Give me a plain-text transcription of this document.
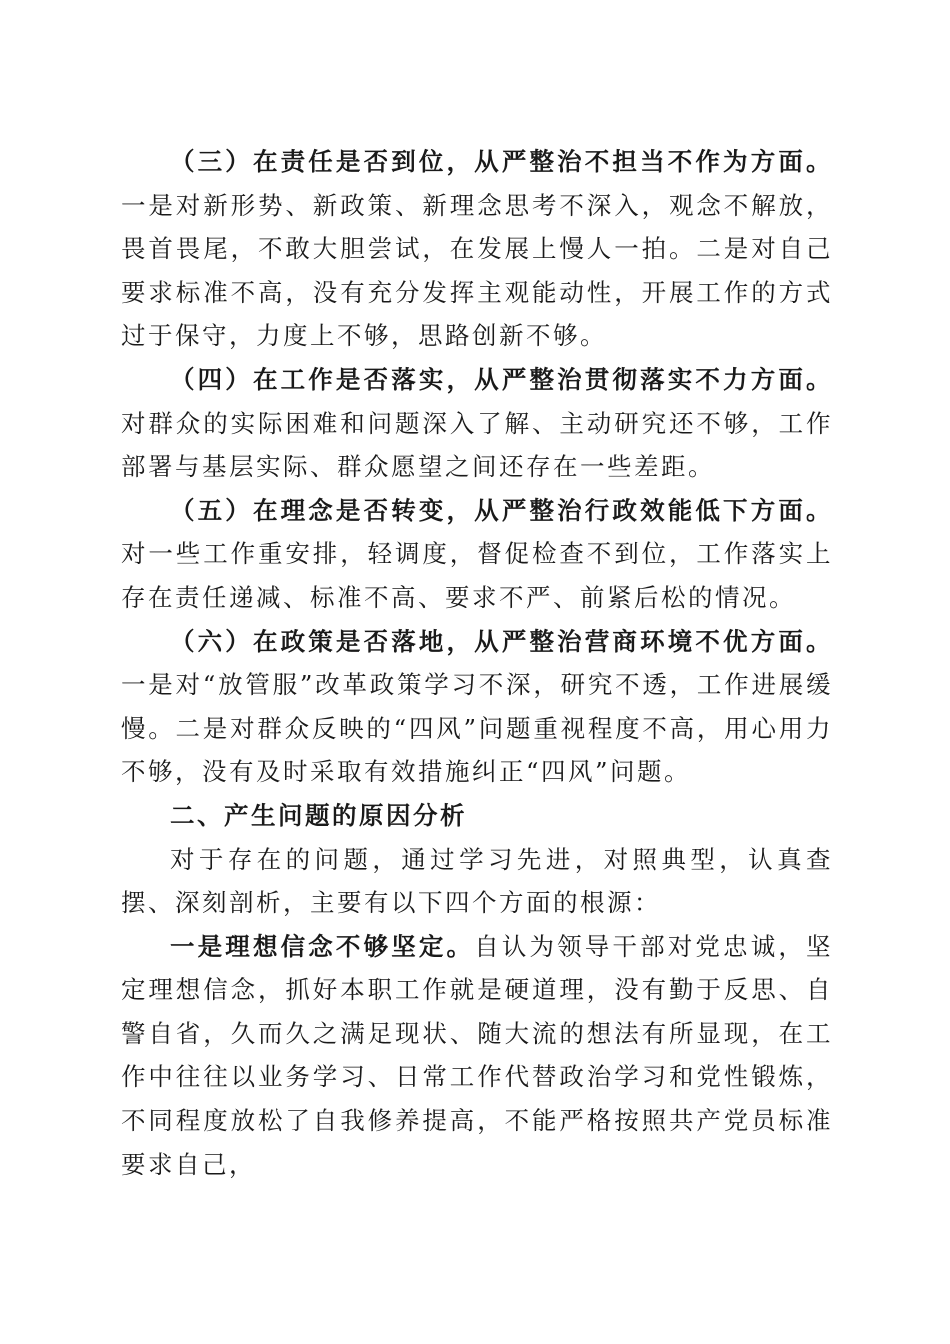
（三）在责任是否到位，从严整治不担当不作为方面。一是对新形势、新政策、新理念思考不深入，观念不解放，畏首畏尾，不敢大胆尝试，在发展上慢人一拍。二是对自己要求标准不高，没有充分发挥主观能动性，开展工作的方式过于保守，力度上不够，思路创新不够。

（四）在工作是否落实，从严整治贯彻落实不力方面。对群众的实际困难和问题深入了解、主动研究还不够，工作部署与基层实际、群众愿望之间还存在一些差距。

（五）在理念是否转变，从严整治行政效能低下方面。对一些工作重安排，轻调度，督促检查不到位，工作落实上存在责任递减、标准不高、要求不严、前紧后松的情况。

（六）在政策是否落地，从严整治营商环境不优方面。一是对“放管服”改革政策学习不深，研究不透，工作进展缓慢。二是对群众反映的“四风”问题重视程度不高，用心用力不够，没有及时采取有效措施纠正“四风”问题。

二、产生问题的原因分析

对于存在的问题，通过学习先进，对照典型，认真查摆、深刻剖析，主要有以下四个方面的根源：

一是理想信念不够坚定。自认为领导干部对党忠诚，坚定理想信念，抓好本职工作就是硬道理，没有勤于反思、自警自省，久而久之满足现状、随大流的想法有所显现，在工作中往往以业务学习、日常工作代替政治学习和党性锻炼，不同程度放松了自我修养提高，不能严格按照共产党员标准要求自己，
